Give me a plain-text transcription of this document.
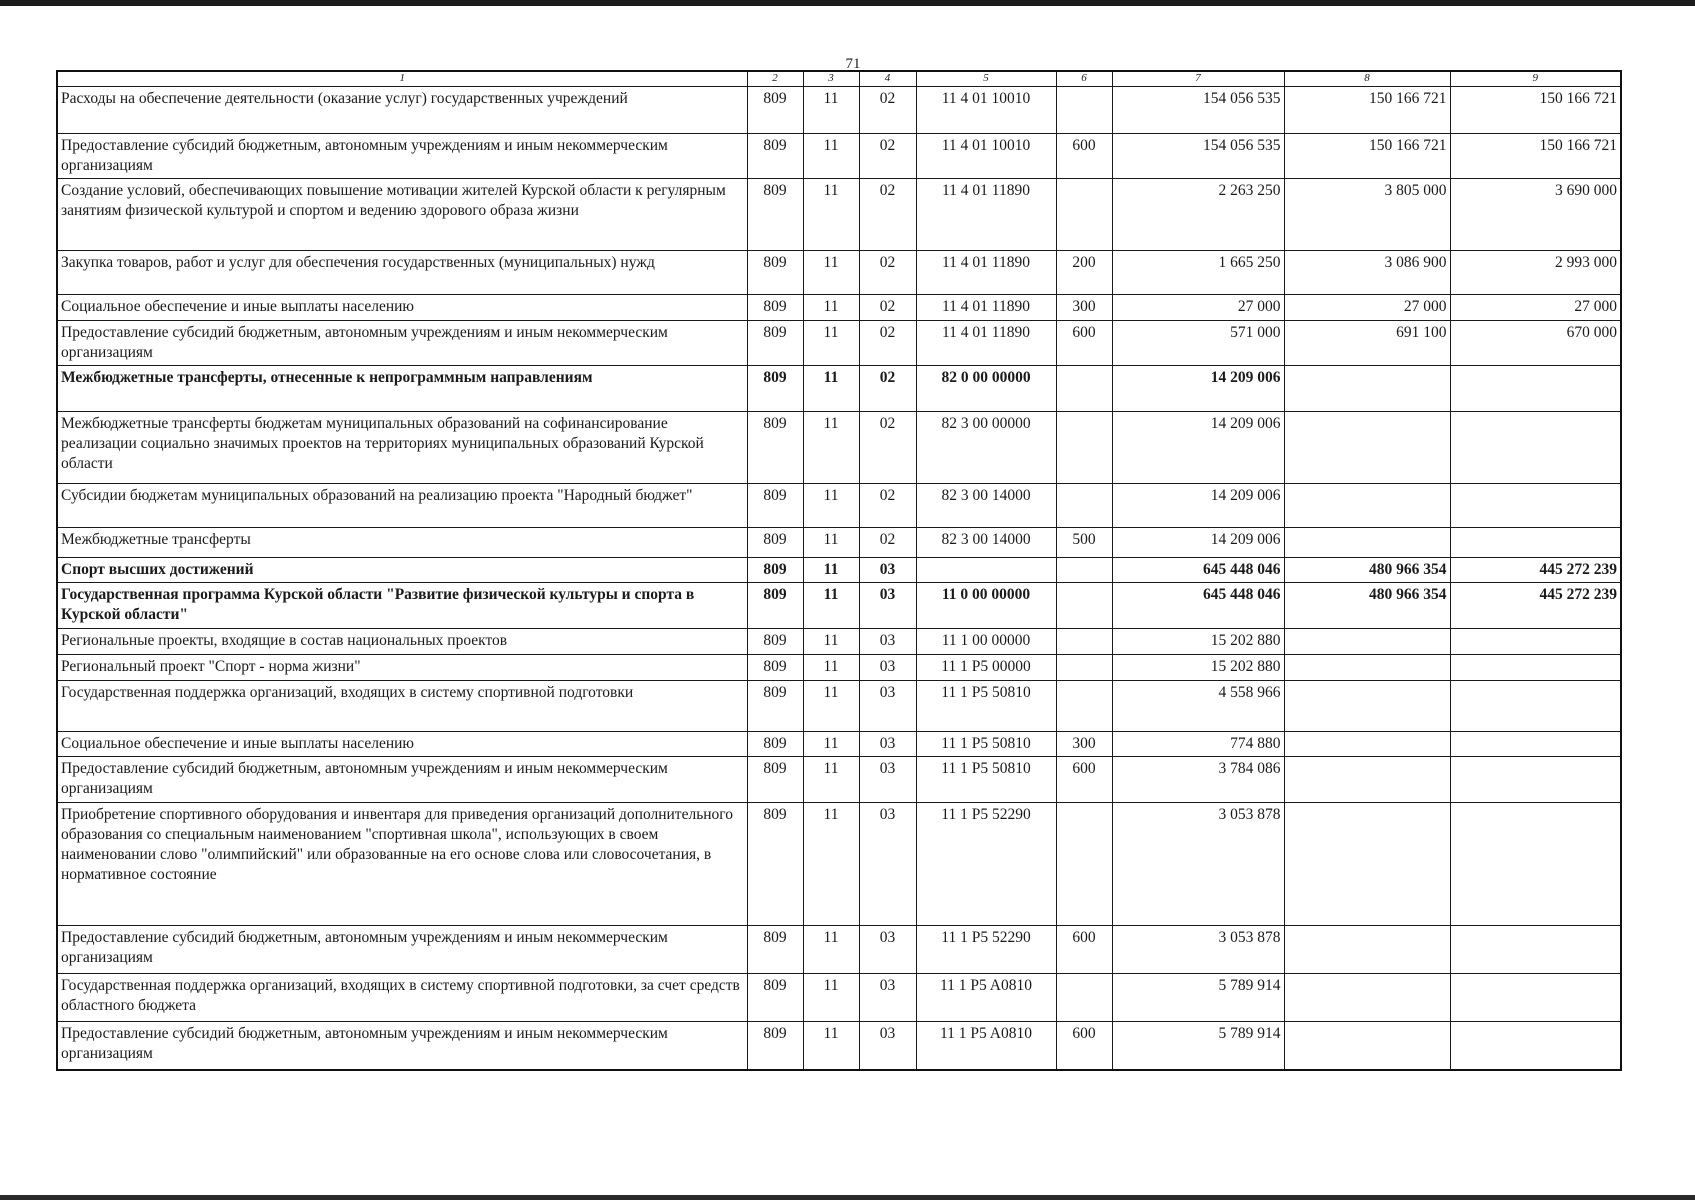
71
1	2	3	4	5	6	7	8	9
Расходы на обеспечение деятельности (оказание услуг) государственных учреждений	809	11	02	11 4 01 10010		154 056 535	150 166 721	150 166 721
Предоставление субсидий бюджетным, автономным учреждениям и иным некоммерческим организациям	809	11	02	11 4 01 10010	600	154 056 535	150 166 721	150 166 721
Создание условий, обеспечивающих повышение мотивации жителей Курской области к регулярным занятиям физической культурой и спортом и ведению здорового образа жизни	809	11	02	11 4 01 11890		2 263 250	3 805 000	3 690 000
Закупка товаров, работ и услуг для обеспечения государственных (муниципальных) нужд	809	11	02	11 4 01 11890	200	1 665 250	3 086 900	2 993 000
Социальное обеспечение и иные выплаты населению	809	11	02	11 4 01 11890	300	27 000	27 000	27 000
Предоставление субсидий бюджетным, автономным учреждениям и иным некоммерческим организациям	809	11	02	11 4 01 11890	600	571 000	691 100	670 000
Межбюджетные трансферты, отнесенные к непрограммным направлениям	809	11	02	82 0 00 00000		14 209 006		
Межбюджетные трансферты бюджетам муниципальных образований на софинансирование реализации социально значимых проектов на территориях муниципальных образований Курской области	809	11	02	82 3 00 00000		14 209 006		
Субсидии бюджетам муниципальных образований на реализацию проекта "Народный бюджет"	809	11	02	82 3 00 14000		14 209 006		
Межбюджетные трансферты	809	11	02	82 3 00 14000	500	14 209 006		
Спорт высших достижений	809	11	03			645 448 046	480 966 354	445 272 239
Государственная программа Курской области "Развитие физической культуры и спорта в Курской области"	809	11	03	11 0 00 00000		645 448 046	480 966 354	445 272 239
Региональные проекты, входящие в состав национальных проектов	809	11	03	11 1 00 00000		15 202 880		
Региональный проект "Спорт - норма жизни"	809	11	03	11 1 P5 00000		15 202 880		
Государственная поддержка организаций, входящих в систему спортивной подготовки	809	11	03	11 1 P5 50810		4 558 966		
Социальное обеспечение и иные выплаты населению	809	11	03	11 1 P5 50810	300	774 880		
Предоставление субсидий бюджетным, автономным учреждениям и иным некоммерческим организациям	809	11	03	11 1 P5 50810	600	3 784 086		
Приобретение спортивного оборудования и инвентаря для приведения организаций дополнительного образования со специальным наименованием "спортивная школа", использующих в своем наименовании слово "олимпийский" или образованные на его основе слова или словосочетания, в нормативное состояние	809	11	03	11 1 P5 52290		3 053 878		
Предоставление субсидий бюджетным, автономным учреждениям и иным некоммерческим организациям	809	11	03	11 1 P5 52290	600	3 053 878		
Государственная поддержка организаций, входящих в систему спортивной подготовки, за счет средств областного бюджета	809	11	03	11 1 P5 A0810		5 789 914		
Предоставление субсидий бюджетным, автономным учреждениям и иным некоммерческим организациям	809	11	03	11 1 P5 A0810	600	5 789 914		
